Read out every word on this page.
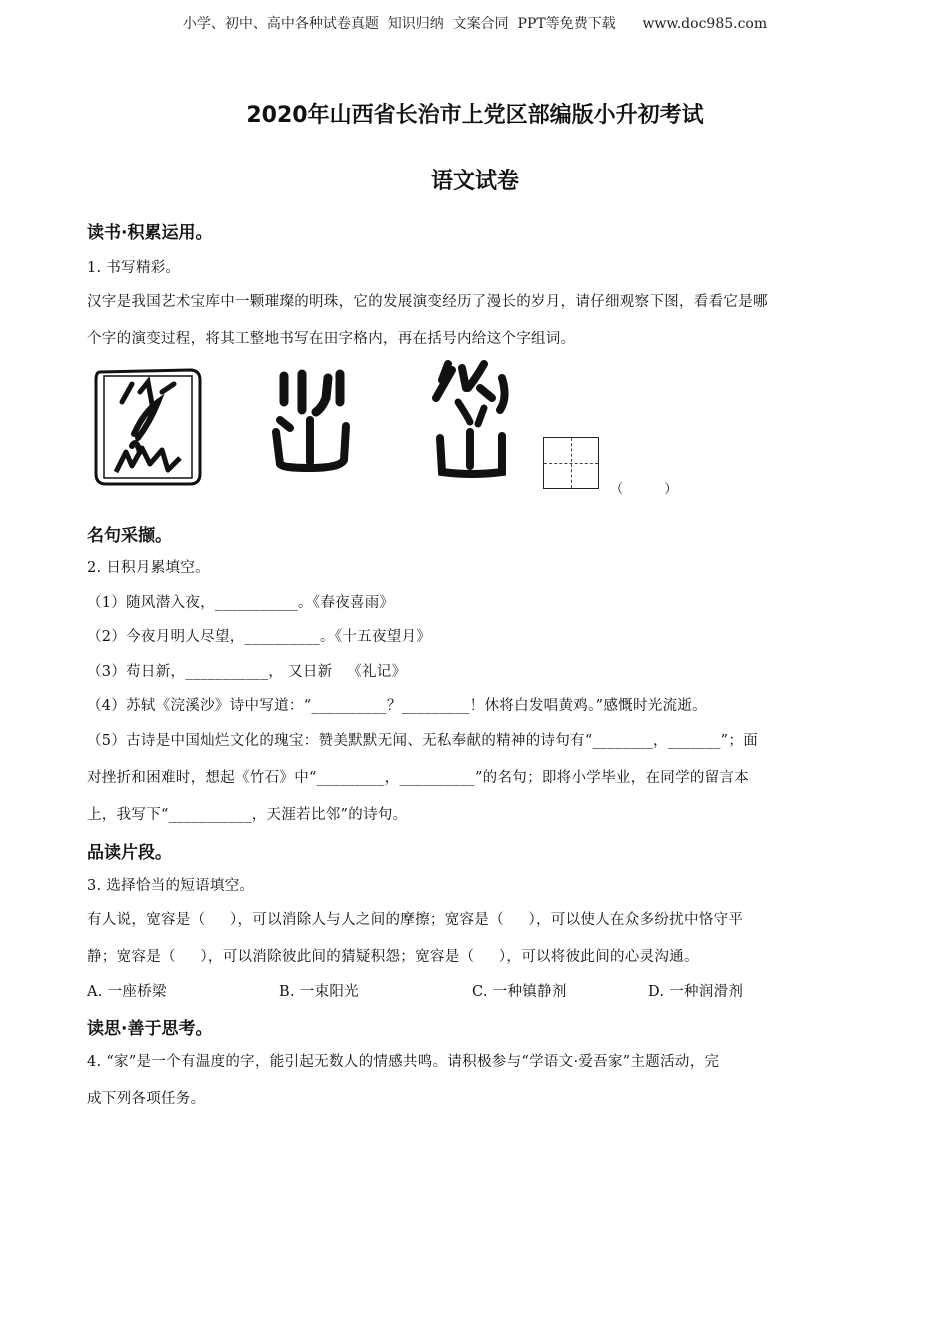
小学、初中、高中各种试卷真题  知识归纳  文案合同  PPT等免费下载      www.doc985.com
2020年山西省长治市上党区部编版小升初考试
语文试卷
读书·积累运用。
1. 书写精彩。
汉字是我国艺术宝库中一颗璀璨的明珠，它的发展演变经历了漫长的岁月，请仔细观察下图，看看它是哪
个字的演变过程，将其工整地书写在田字格内，再在括号内给这个字组词。
（          ）
名句采撷。
2. 日积月累填空。
（1）随风潜入夜，___________。《春夜喜雨》
（2）今夜月明人尽望，__________。《十五夜望月》
（3）苟日新，___________， 又日新   《礼记》
（4）苏轼《浣溪沙》诗中写道：“__________？_________！休将白发唱黄鸡。”感慨时光流逝。
（5）古诗是中国灿烂文化的瑰宝：赞美默默无闻、无私奉献的精神的诗句有“________，_______”；面
对挫折和困难时，想起《竹石》中“_________，__________”的名句；即将小学毕业，在同学的留言本
上，我写下“___________，天涯若比邻”的诗句。
品读片段。
3. 选择恰当的短语填空。
有人说，宽容是（     ），可以消除人与人之间的摩擦；宽容是（     ），可以使人在众多纷扰中恪守平
静；宽容是（     ），可以消除彼此间的猜疑积怨；宽容是（     ），可以将彼此间的心灵沟通。
A. 一座桥梁	B. 一束阳光	C. 一种镇静剂	D. 一种润滑剂
读思·善于思考。
4. “家”是一个有温度的字，能引起无数人的情感共鸣。请积极参与“学语文·爱吾家”主题活动，完
成下列各项任务。
